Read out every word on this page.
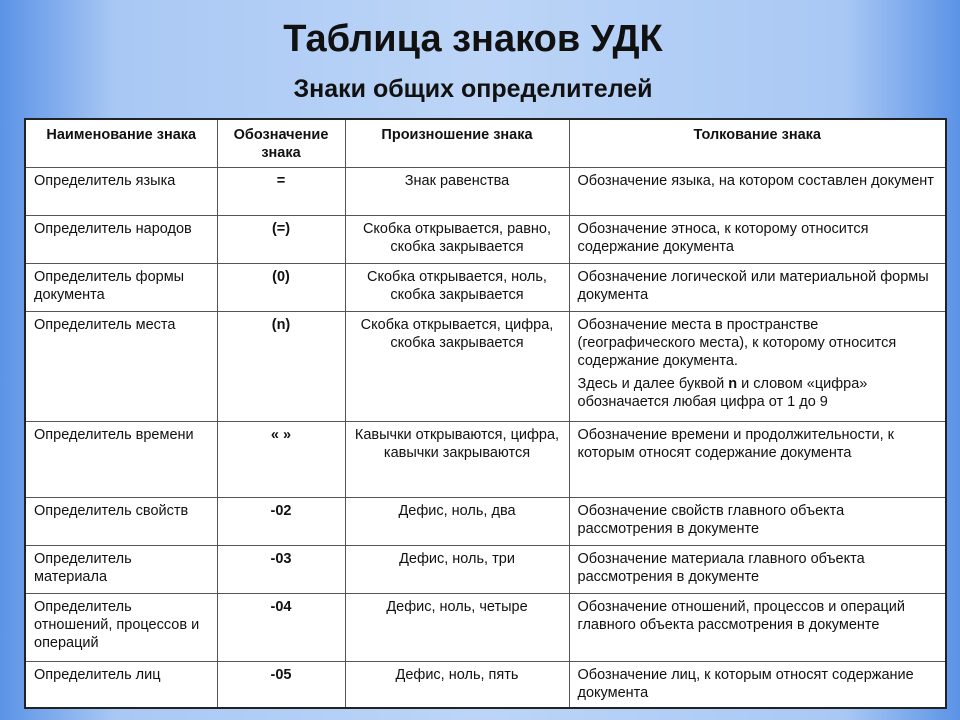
Таблица знаков УДК
Знаки общих определителей
Наименование знака	Обозначение знака	Произношение знака	Толкование знака
Определитель языка	=	Знак равенства	Обозначение языка, на котором составлен документ
Определитель народов	(=)	Скобка открывается, равно, скобка закрывается	Обозначение этноса, к которому относится содержание документа
Определитель формы документа	(0)	Скобка открывается, ноль, скобка закрывается	Обозначение логической или материальной формы документа
Определитель места	(n)	Скобка открывается, цифра, скобка закрывается	Обозначение места в пространстве (географического места), к которому относится содержание документа.
Здесь и далее буквой n и словом «цифра» обозначается любая цифра от 1 до 9

Определитель времени	« »	Кавычки открываются, цифра, кавычки закрываются	Обозначение времени и продолжительности, к которым относят содержание документа
Определитель свойств	-02	Дефис, ноль, два	Обозначение свойств главного объекта рассмотрения в документе
Определитель материала	-03	Дефис, ноль, три	Обозначение материала главного объекта рассмотрения в документе
Определитель отношений, процессов и операций	-04	Дефис, ноль, четыре	Обозначение отношений, процессов и операций главного объекта рассмотрения в документе
Определитель лиц	-05	Дефис, ноль, пять	Обозначение лиц, к которым относят содержание документа
